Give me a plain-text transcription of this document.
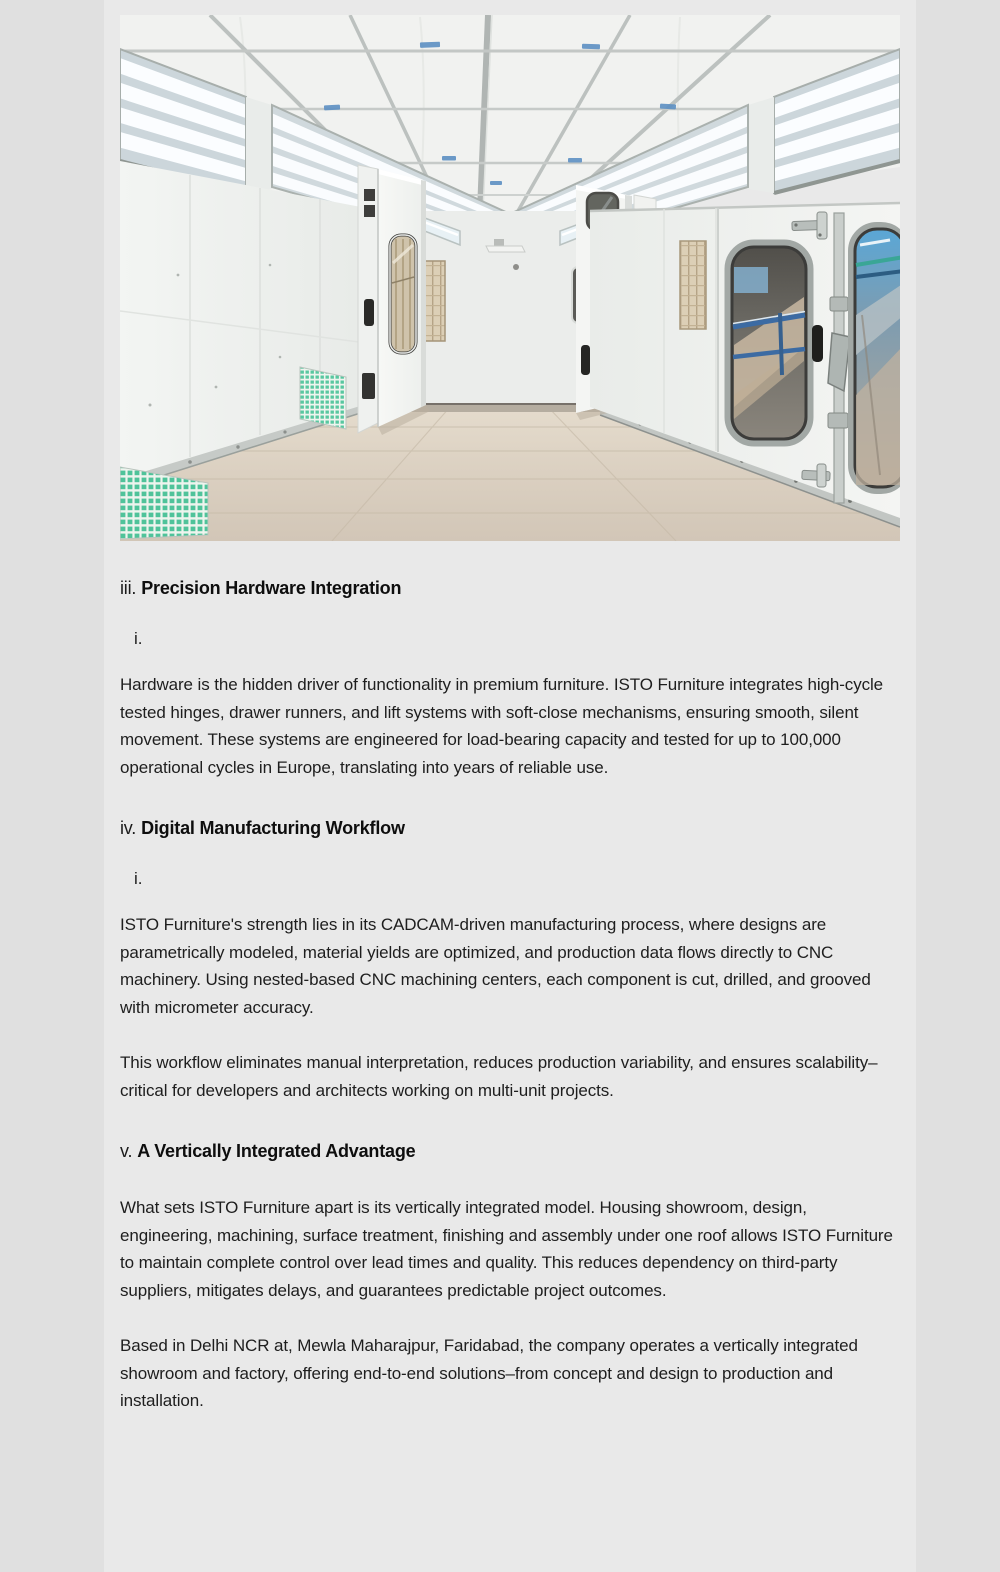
iii. Precision Hardware Integration
i.

Hardware is the hidden driver of functionality in premium furniture. ISTO Furniture integrates high-cycle tested hinges, drawer runners, and lift systems with soft-close mechanisms, ensuring smooth, silent movement. These systems are engineered for load-bearing capacity and tested for up to 100,000 operational cycles in Europe, translating into years of reliable use.

iv. Digital Manufacturing Workflow
i.

ISTO Furniture's strength lies in its CADCAM-driven manufacturing process, where designs are parametrically modeled, material yields are optimized, and production data flows directly to CNC machinery. Using nested-based CNC machining centers, each component is cut, drilled, and grooved with micrometer accuracy.

This workflow eliminates manual interpretation, reduces production variability, and ensures scalability–critical for developers and architects working on multi-unit projects.

v. A Vertically Integrated Advantage

What sets ISTO Furniture apart is its vertically integrated model. Housing showroom, design, engineering, machining, surface treatment, finishing and assembly under one roof allows ISTO Furniture to maintain complete control over lead times and quality. This reduces dependency on third-party suppliers, mitigates delays, and guarantees predictable project outcomes.

Based in Delhi NCR at, Mewla Maharajpur, Faridabad, the company operates a vertically integrated showroom and factory, offering end-to-end solutions–from concept and design to production and installation.
